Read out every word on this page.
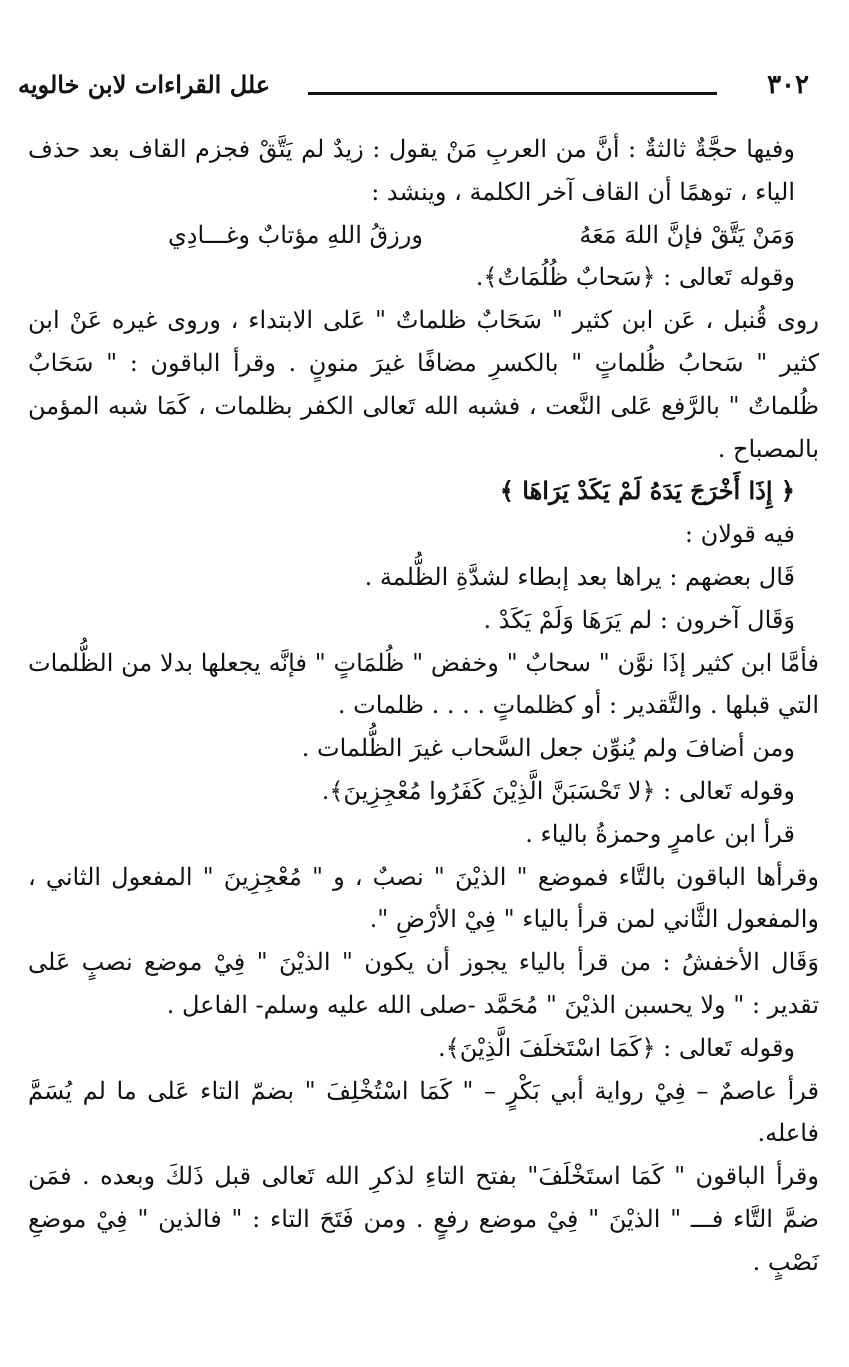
٣٠٢
علل القراءات لابن خالويه

وفيها حجَّةٌ ثالثةٌ : أنَّ من العربِ مَنْ يقول : زيدٌ لم يَتَّقْ فجزم القاف بعد حذف الياء ، توهمًا أن القاف آخر الكلمة ، وينشد :

وَمَنْ يَتَّقْ فإنَّ اللهَ مَعَهُ
ورزقُ اللهِ مؤتابٌ وغـــادِي

وقوله تَعالى : ﴿سَحابٌ ظُلُمَاتٌ﴾.

روى قُنبل ، عَن ابن كثير " سَحَابٌ ظلماتٌ " عَلى الابتداء ، وروى غيره عَنْ ابن كثير " سَحابُ ظُلماتٍ " بالكسرِ مضافًا غيرَ منونٍ . وقرأ الباقون : " سَحَابٌ ظُلماتٌ " بالرَّفع عَلى النَّعت ، فشبه الله تَعالى الكفر بظلمات ، كَمَا شبه المؤمن بالمصباح .

﴿ إِذَا أَخْرَجَ يَدَهُ لَمْ يَكَدْ يَرَاهَا ﴾

فيه قولان :

قَال بعضهم : يراها بعد إبطاء لشدَّةِ الظُّلمة .

وَقَال آخرون : لم يَرَهَا وَلَمْ يَكَدْ .

فأمَّا ابن كثير إذَا نوَّن " سحابٌ " وخفض " ظُلمَاتٍ " فإنَّه يجعلها بدلا من الظُّلمات التي قبلها . والتَّقدير : أو كظلماتٍ . . . . ظلمات .

ومن أضافَ ولم يُنوِّن جعل السَّحاب غيرَ الظُّلمات .

وقوله تَعالى : ﴿لا تَحْسَبَنَّ الَّذِيْنَ كَفَرُوا مُعْجِزِينَ﴾.

قرأ ابن عامرٍ وحمزةُ بالياء .

وقرأها الباقون بالتَّاء فموضع " الذيْنَ " نصبٌ ، و " مُعْجِزِينَ " المفعول الثاني ، والمفعول الثَّاني لمن قرأ بالياء " فِيْ الأرْضِ ".

وَقَال الأخفشُ : من قرأ بالياء يجوز أن يكون " الذيْنَ " فِيْ موضع نصبٍ عَلى تقدير : " ولا يحسبن الذيْنَ " مُحَمَّد -صلى الله عليه وسلم- الفاعل .

وقوله تَعالى : ﴿كَمَا اسْتَخلَفَ الَّذِيْنَ﴾.

قرأ عاصمٌ – فِيْ رواية أبي بَكْرٍ – " كَمَا اسْتُخْلِفَ " بضمّ التاء عَلى ما لم يُسَمَّ فاعله.

وقرأ الباقون " كَمَا استَخْلَفَ" بفتح التاءِ لذكرِ الله تَعالى قبل ذَلكَ وبعده . فمَن ضمَّ التَّاء فـــ " الذيْنَ " فِيْ موضع رفعٍ . ومن فَتَحَ التاء : " فالذين " فِيْ موضعِ نَصْبٍ .
